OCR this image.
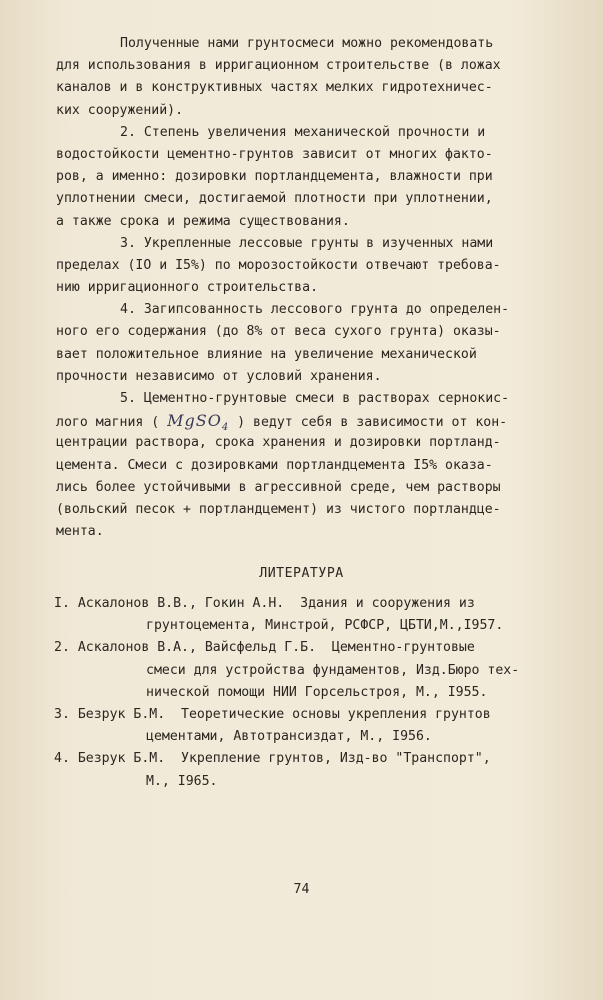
Полученные нами грунтосмеси можно рекомендовать
для использования в ирригационном строительстве (в ложах
каналов и в конструктивных частях мелких гидротехничес-
ких сооружений).
2. Степень увеличения механической прочности и
водостойкости цементно-грунтов зависит от многих факто-
ров, а именно: дозировки портландцемента, влажности при
уплотнении смеси, достигаемой плотности при уплотнении,
а также срока и режима существования.
3. Укрепленные лессовые грунты в изученных нами
пределах (IO и I5%) по морозостойкости отвечают требова-
нию ирригационного строительства.
4. Загипсованность лессового грунта до определен-
ного его содержания (до 8% от веса сухого грунта) оказы-
вает положительное влияние на увеличение механической
прочности независимо от условий хранения.
5. Цементно-грунтовые смеси в растворах сернокис-
лого магния ( MgSO$_4$ ) ведут себя в зависимости от кон-
центрации раствора, срока хранения и дозировки портланд-
цемента. Смеси с дозировками портландцемента I5% оказа-
лись более устойчивыми в агрессивной среде, чем растворы
(вольский песок + портландцемент) из чистого портландце-
мента.
ЛИТЕРАТУРА
I. Аскалонов В.В., Гокин А.Н.  Здания и сооружения из
грунтоцемента, Минстрой, РСФСР, ЦБТИ,М.,I957.
2. Аскалонов В.А., Вайсфельд Г.Б.  Цементно-грунтовые
смеси для устройства фундаментов, Изд.Бюро тех-
нической помощи НИИ Горсельстроя, М., I955.
3. Безрук Б.М.  Теоретические основы укрепления грунтов
цементами, Автотрансиздат, М., I956.
4. Безрук Б.М.  Укрепление грунтов, Изд-во "Транспорт",
М., I965.
74
